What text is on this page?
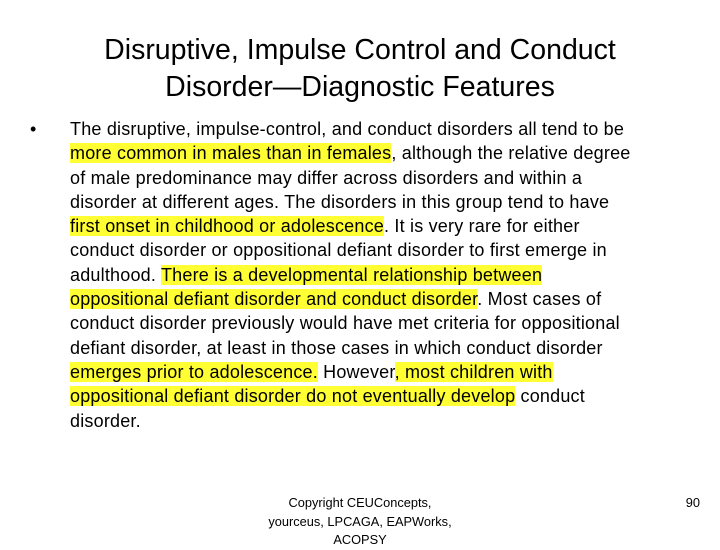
Disruptive, Impulse Control and Conduct
Disorder—Diagnostic Features
• The disruptive, impulse-control, and conduct disorders all tend to be
more common in males than in females, although the relative degree
of male predominance may differ across disorders and within a
disorder at different ages. The disorders in this group tend to have
first onset in childhood or adolescence. It is very rare for either
conduct disorder or oppositional defiant disorder to first emerge in
adulthood. There is a developmental relationship between
oppositional defiant disorder and conduct disorder. Most cases of
conduct disorder previously would have met criteria for oppositional
defiant disorder, at least in those cases in which conduct disorder
emerges prior to adolescence. However, most children with
oppositional defiant disorder do not eventually develop conduct
disorder.
Copyright CEUConcepts,
yourceus, LPCAGA, EAPWorks,
ACOPSY
90
